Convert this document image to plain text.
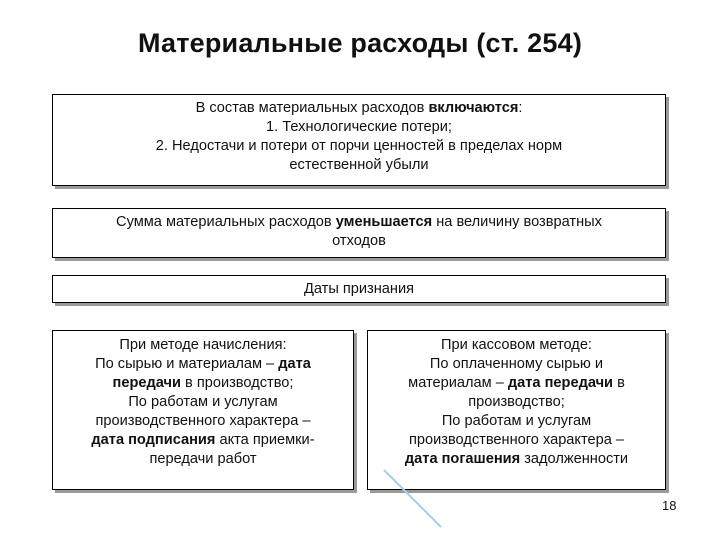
Материальные расходы (ст. 254)
В состав материальных расходов включаются:
1. Технологические потери;
2. Недостачи и потери от порчи ценностей в пределах норм
естественной убыли
Сумма материальных расходов уменьшается на величину возвратных
отходов
Даты признания
При методе начисления:
По сырью и материалам – дата
передачи в производство;
По работам и услугам
производственного характера –
дата подписания акта приемки-
передачи работ
При кассовом методе:
По оплаченному сырью и
материалам – дата передачи в
производство;
По работам и услугам
производственного характера –
дата погашения задолженности
18
